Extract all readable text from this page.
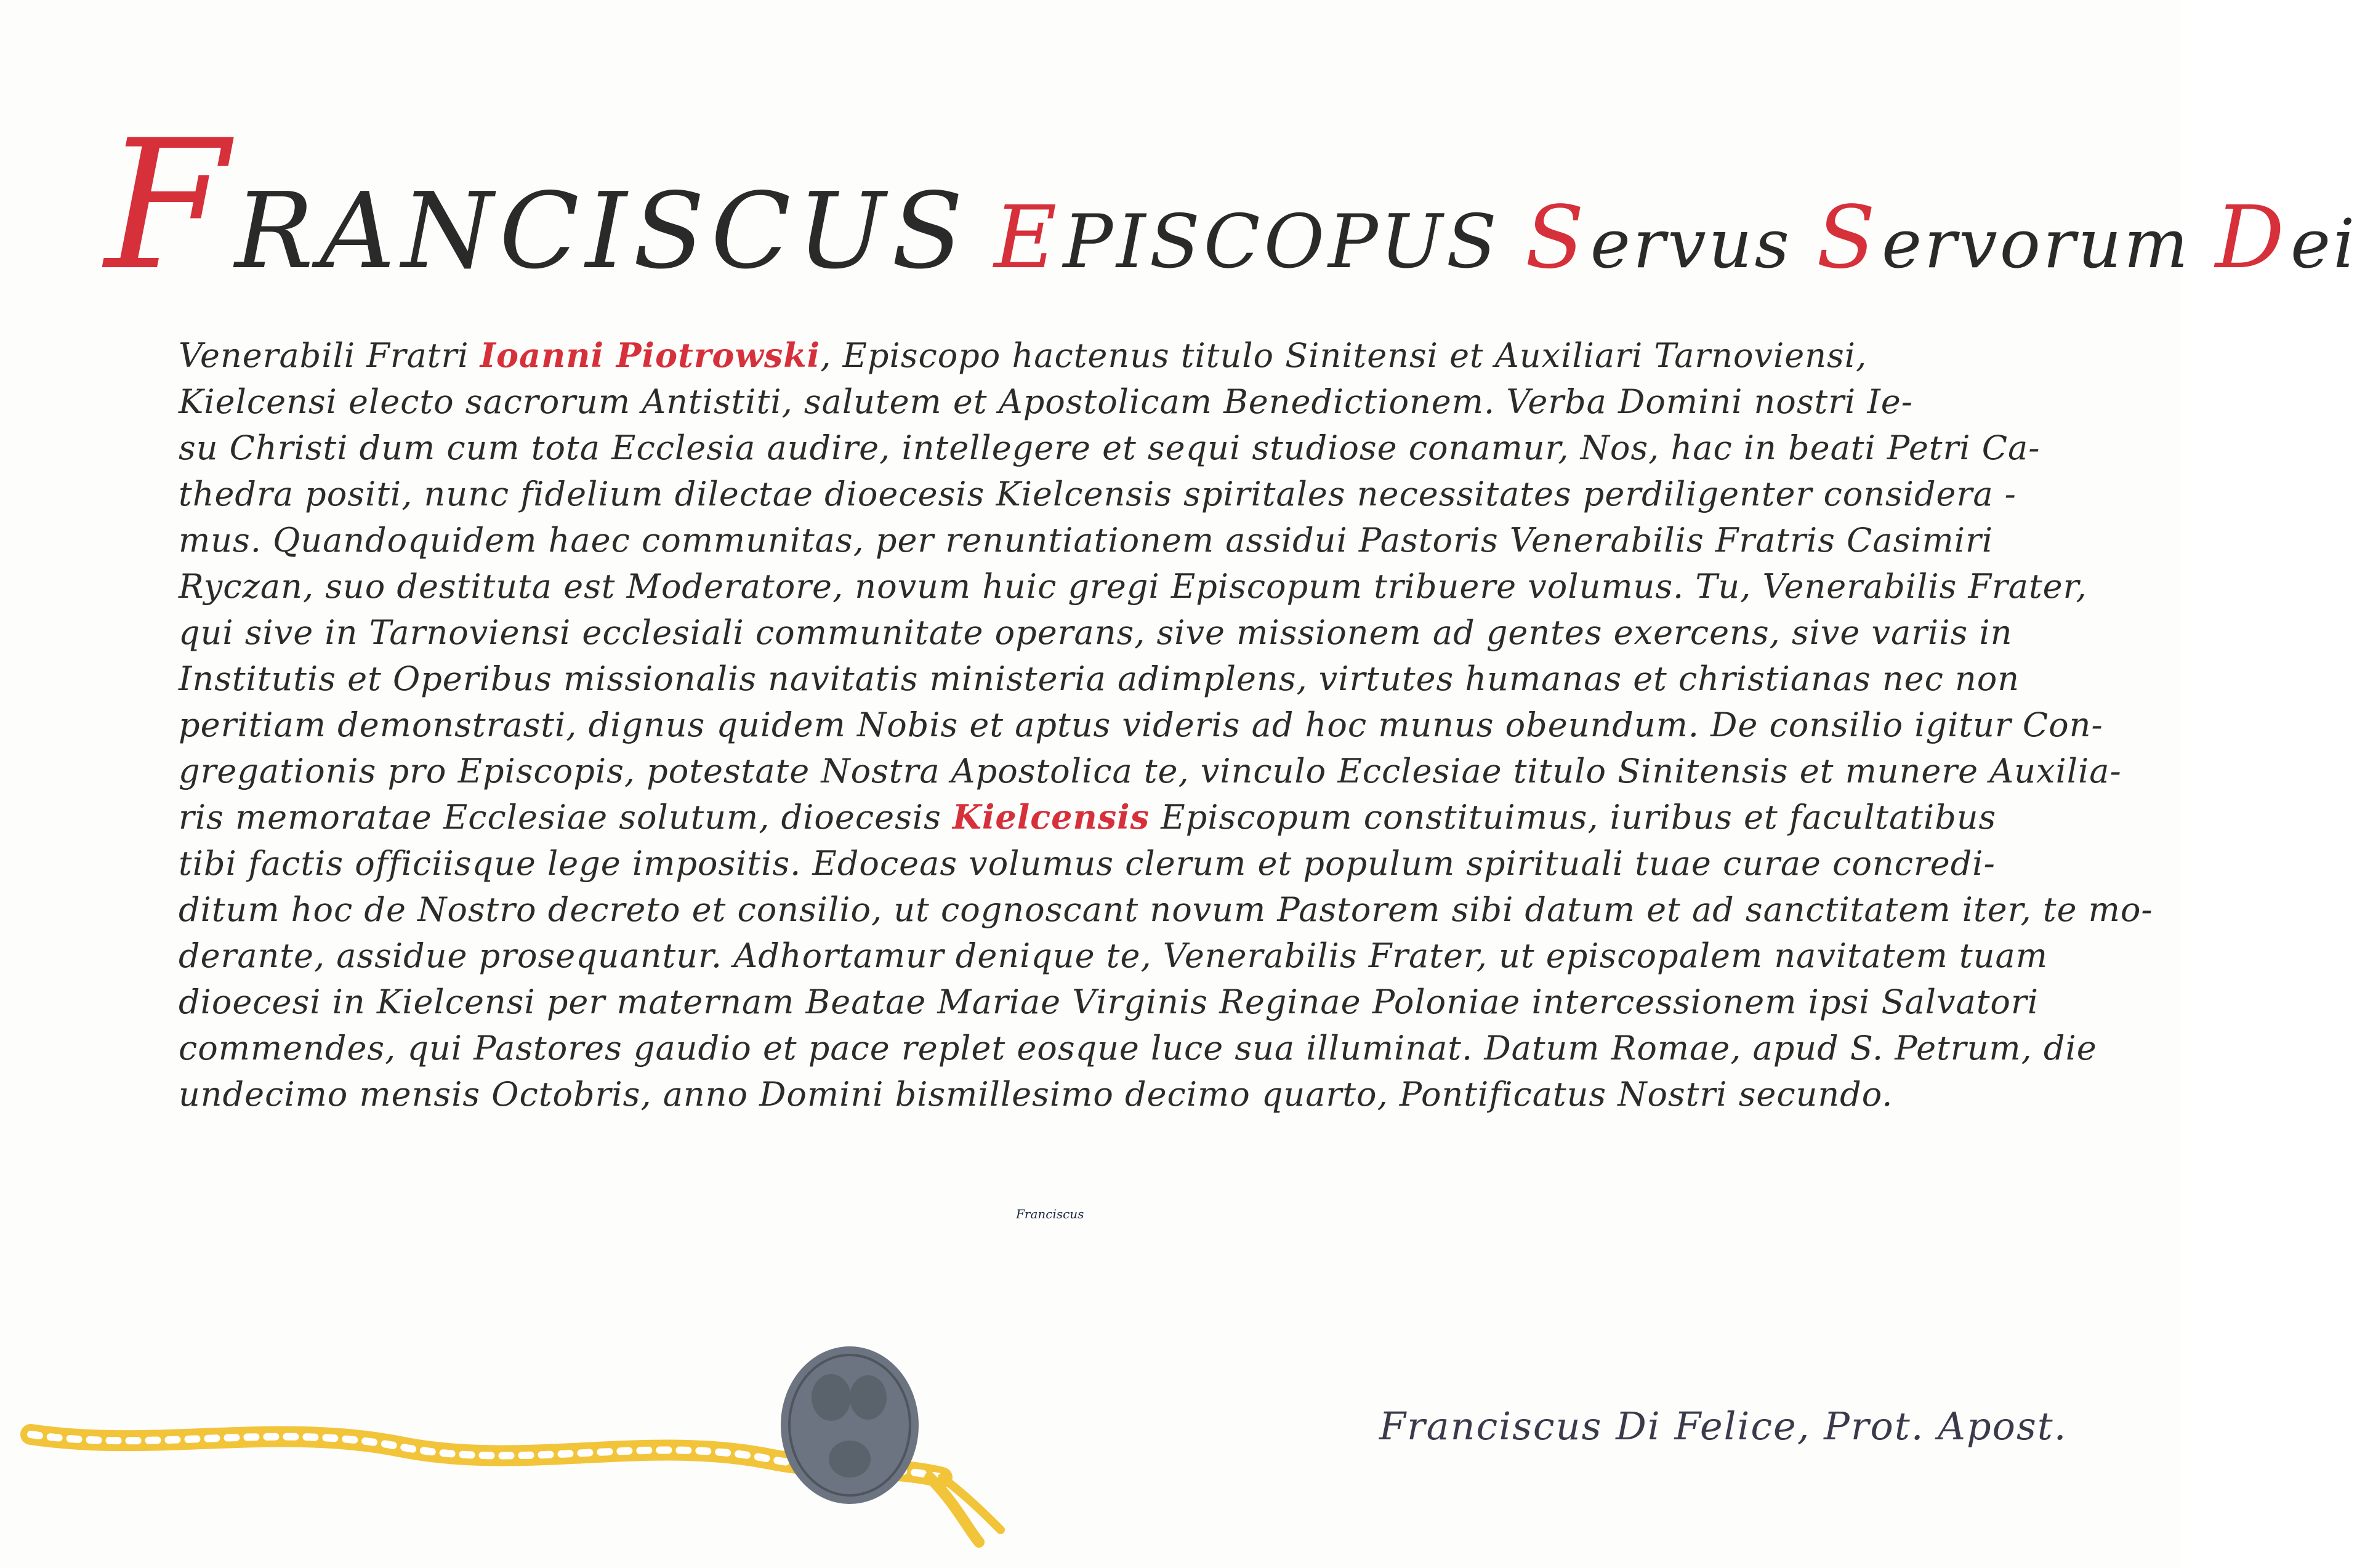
FRANCISCUS EPISCOPUS Servus Servorum Dei
Venerabili Fratri Ioanni Piotrowski, Episcopo hactenus titulo Sinitensi et Auxiliari Tarnoviensi,
Kielcensi electo sacrorum Antistiti, salutem et Apostolicam Benedictionem. Verba Domini nostri Ie-
su Christi dum cum tota Ecclesia audire, intellegere et sequi studiose conamur, Nos, hac in beati Petri Ca-
thedra positi, nunc fidelium dilectae dioecesis Kielcensis spiritales necessitates perdiligenter considera -
mus. Quandoquidem haec communitas, per renuntiationem assidui Pastoris Venerabilis Fratris Casimiri
Ryczan, suo destituta est Moderatore, novum huic gregi Episcopum tribuere volumus. Tu, Venerabilis Frater,
qui sive in Tarnoviensi ecclesiali communitate operans, sive missionem ad gentes exercens, sive variis in
Institutis et Operibus missionalis navitatis ministeria adimplens, virtutes humanas et christianas nec non
peritiam demonstrasti, dignus quidem Nobis et aptus videris ad hoc munus obeundum. De consilio igitur Con-
gregationis pro Episcopis, potestate Nostra Apostolica te, vinculo Ecclesiae titulo Sinitensis et munere Auxilia-
ris memoratae Ecclesiae solutum, dioecesis Kielcensis Episcopum constituimus, iuribus et facultatibus
tibi factis officiisque lege impositis. Edoceas volumus clerum et populum spirituali tuae curae concredi-
ditum hoc de Nostro decreto et consilio, ut cognoscant novum Pastorem sibi datum et ad sanctitatem iter, te mo-
derante, assidue prosequantur. Adhortamur denique te, Venerabilis Frater, ut episcopalem navitatem tuam
dioecesi in Kielcensi per maternam Beatae Mariae Virginis Reginae Poloniae intercessionem ipsi Salvatori
commendes, qui Pastores gaudio et pace replet eosque luce sua illuminat. Datum Romae, apud S. Petrum, die
undecimo mensis Octobris, anno Domini bismillesimo decimo quarto, Pontificatus Nostri secundo.
Franciscus
Franciscus Di Felice, Prot. Apost.
